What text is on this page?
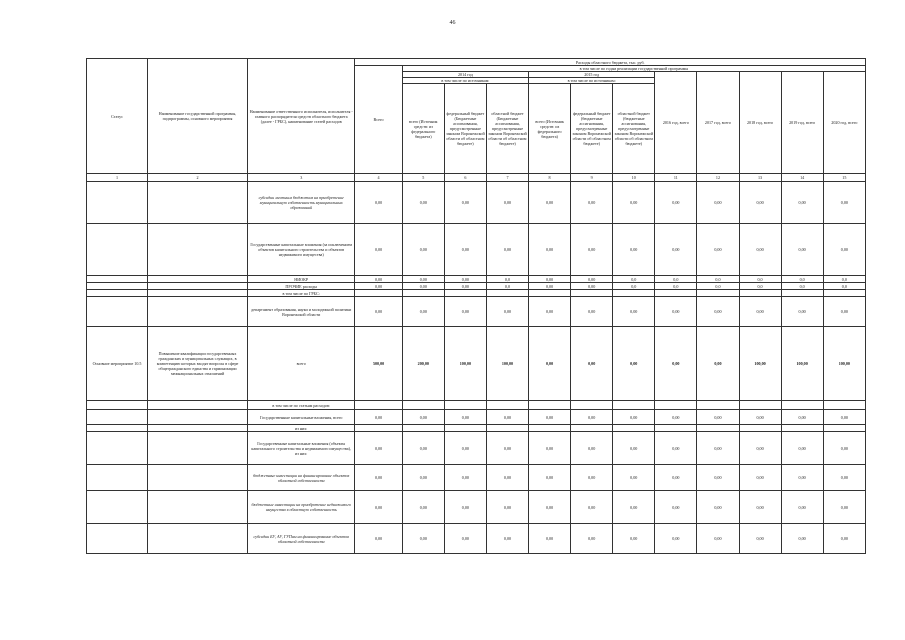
46
Статус	Наименование государственной программы, подпрограммы, основного мероприятия	Наименование ответственного исполнителя, исполнителя - главного распорядителя средств областного бюджета (далее - ГРБС), наименование статей расходов	Расходы областного бюджета, тыс. руб.											
			Всего	в том числе по годам реализации государственной программы										
				2014 год			2015 год			2016 год, всего	2017 год, всего	2018 год, всего	2019 год, всего	2020 год, всего
				в том числе по источникам:			в том числе по источникам:							
				всего (Источник средств: из федерального бюджета)	федеральный бюджет (Бюджетные ассигнования, предусмотренные законом Воронежской области об областном бюджете)	областной бюджет (Бюджетные ассигнования, предусмотренные законом Воронежской области об областном бюджете)	всего (Источник средств: из федерального бюджета)	федеральный бюджет (бюджетные ассигнования, предусмотренные законом Воронежской области об областном бюджете)	областной бюджет (бюджетные ассигнования, предусмотренные законом Воронежской области об областном бюджете)					
1	2	3	4	5	6	7	8	9	10	11	12	13	14	15
		субсидии местным бюджетам на приобретение муниципальную собственность муниципальных образований	0,00	0,00	0,00	0,00	0,00	0,00	0,00	0,00	0,00	0,00	0,00	0,00
		Государственные капитальные вложения (за исключением объектов капитального строительства и объектов недвижимого имущества)	0,00	0,00	0,00	0,00	0,00	0,00	0,00	0,00	0,00	0,00	0,00	0,00
		НИОКР	0,00	0,00	0,00	0,0	0,00	0,00	0,0	0,0	0,0	0,0	0,0	0,0
		ПРОЧИЕ расходы	0,00	0,00	0,00	0,0	0,00	0,00	0,0	0,0	0,0	0,0	0,0	0,0
		в том числе по ГРБС:												
		департамент образования, науки и молодежной политики Воронежской области	0,00	0,00	0,00	0,00	0,00	0,00	0,00	0,00	0,00	0,00	0,00	0,00
Основное мероприятие 10.5	Повышение квалификации государственных гражданских и муниципальных служащих, в компетенцию которых входят вопросы в сфере общегражданского единства и гармонизации межнациональных отношений	всего	500,00	200,00	100,00	100,00	0,00	0,00	0,00	0,00	0,00	100,00	100,00	100,00
		в том числе по статьям расходов:												
		Государственные капитальные вложения, всего	0,00	0,00	0,00	0,00	0,00	0,00	0,00	0,00	0,00	0,00	0,00	0,00
		из них:												
		Государственные капитальные вложения (объекты капитального строительства и недвижимого имущества), из них:	0,00	0,00	0,00	0,00	0,00	0,00	0,00	0,00	0,00	0,00	0,00	0,00
		бюджетные инвестиции на финансирование объектов областной собственности	0,00	0,00	0,00	0,00	0,00	0,00	0,00	0,00	0,00	0,00	0,00	0,00
		бюджетные инвестиции на приобретение недвижимого имущества в областную собственность	0,00	0,00	0,00	0,00	0,00	0,00	0,00	0,00	0,00	0,00	0,00	0,00
		субсидии БУ, АУ, ГУПам на финансирование объектов областной собственности	0,00	0,00	0,00	0,00	0,00	0,00	0,00	0,00	0,00	0,00	0,00	0,00
